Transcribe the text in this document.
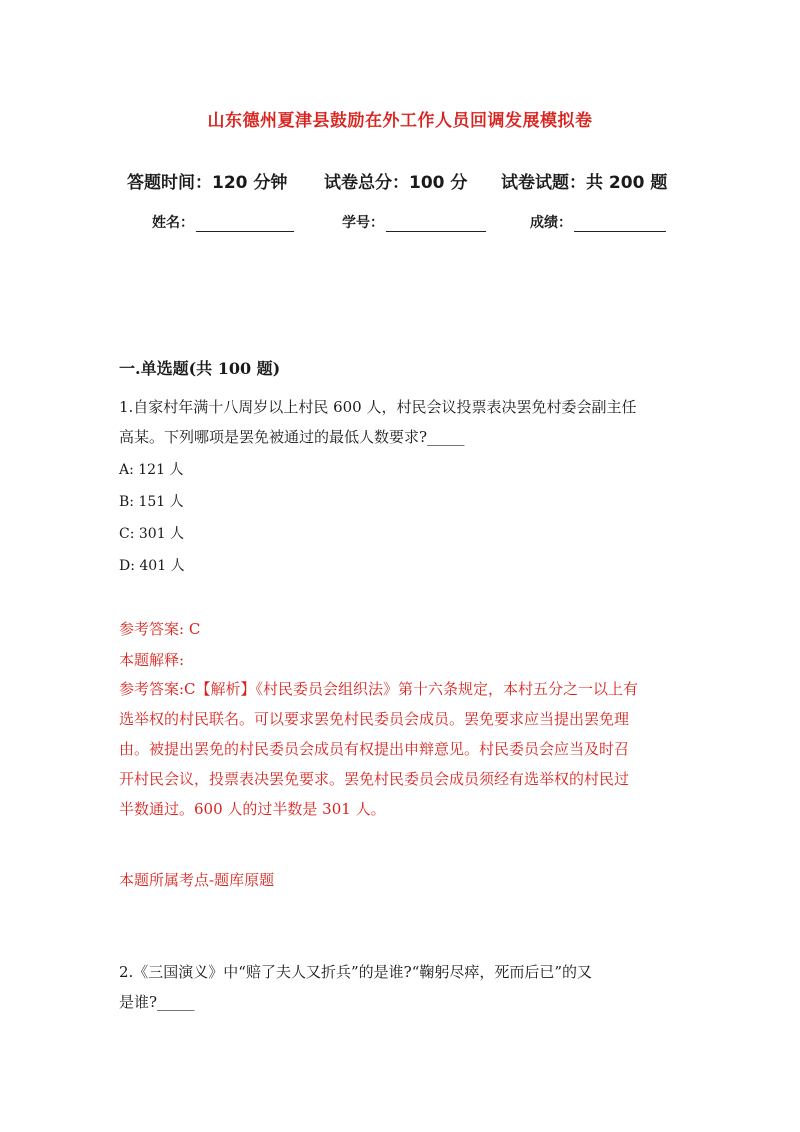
山东德州夏津县鼓励在外工作人员回调发展模拟卷
答题时间：120 分钟 试卷总分：100 分 试卷试题：共 200 题
姓名：	学号：	成绩：
一.单选题(共 100 题)
1.自家村年满十八周岁以上村民 600 人，村民会议投票表决罢免村委会副主任
高某。下列哪项是罢免被通过的最低人数要求?_____
A: 121 人
B: 151 人
C: 301 人
D: 401 人
参考答案: C
本题解释:
参考答案:C【解析】《村民委员会组织法》第十六条规定，本村五分之一以上有
选举权的村民联名。可以要求罢免村民委员会成员。罢免要求应当提出罢免理
由。被提出罢免的村民委员会成员有权提出申辩意见。村民委员会应当及时召
开村民会议，投票表决罢免要求。罢免村民委员会成员须经有选举权的村民过
半数通过。600 人的过半数是 301 人。
本题所属考点-题库原题
2.《三国演义》中“赔了夫人又折兵”的是谁?“鞠躬尽瘁，死而后已”的又
是谁?_____
